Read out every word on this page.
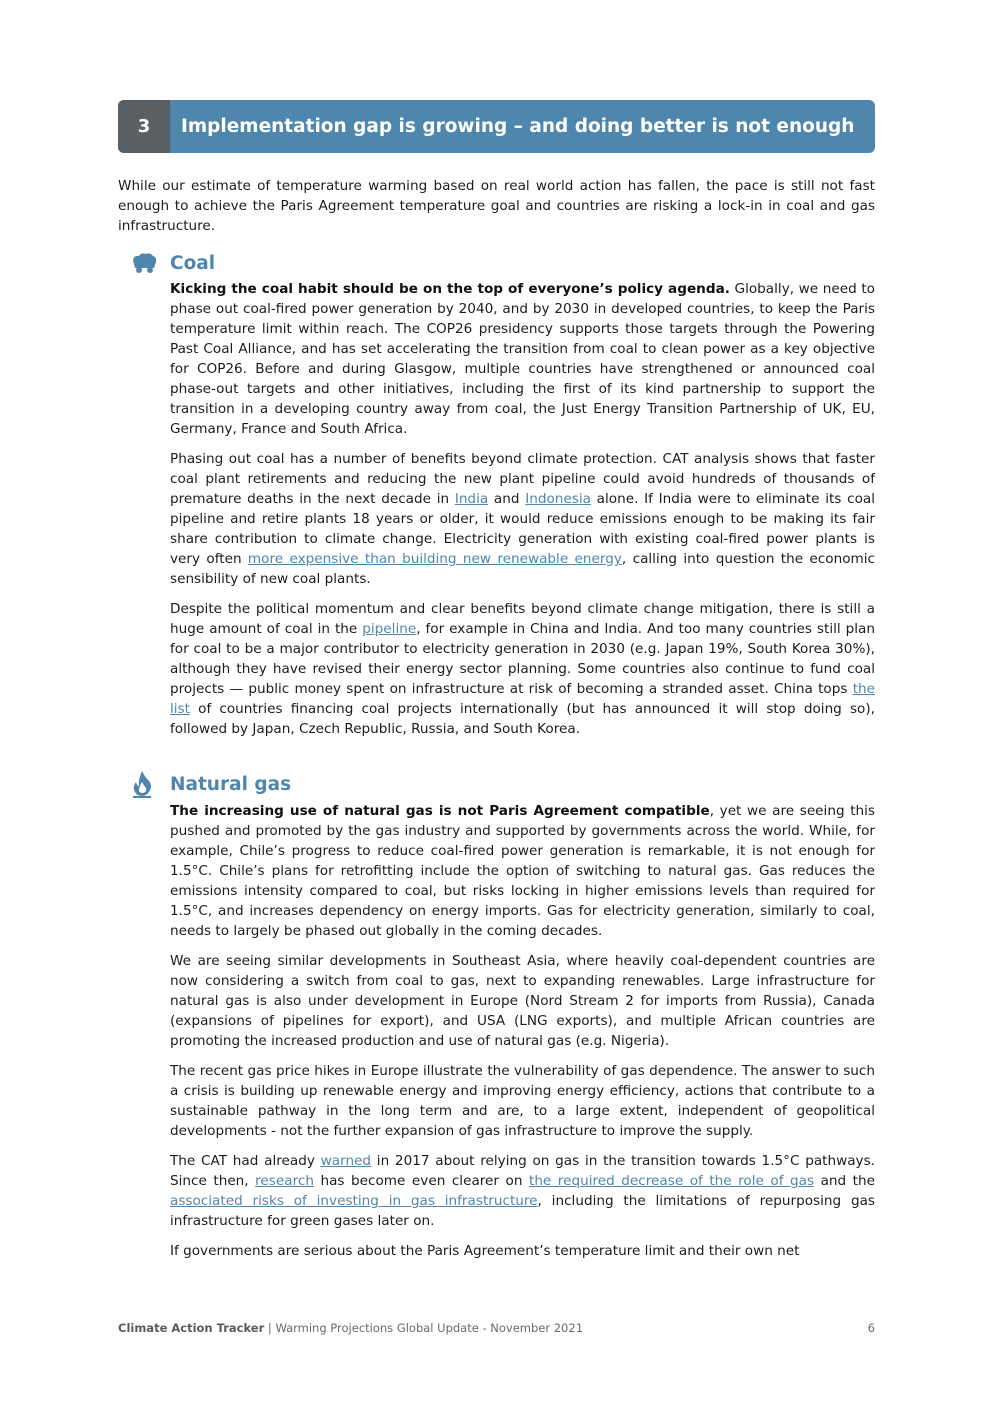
3	Implementation gap is growing – and doing better is not enough

While our estimate of temperature warming based on real world action has fallen, the pace is still not fast enough to achieve the Paris Agreement temperature goal and countries are risking a lock-in in coal and gas infrastructure.

Coal

Kicking the coal habit should be on the top of everyone’s policy agenda. Globally, we need to phase out coal-fired power generation by 2040, and by 2030 in developed countries, to keep the Paris temperature limit within reach. The COP26 presidency supports those targets through the Powering Past Coal Alliance, and has set accelerating the transition from coal to clean power as a key objective for COP26. Before and during Glasgow, multiple countries have strengthened or announced coal phase-out targets and other initiatives, including the first of its kind partnership to support the transition in a developing country away from coal, the Just Energy Transition Partnership of UK, EU, Germany, France and South Africa.

Phasing out coal has a number of benefits beyond climate protection. CAT analysis shows that faster coal plant retirements and reducing the new plant pipeline could avoid hundreds of thousands of premature deaths in the next decade in India and Indonesia alone. If India were to eliminate its coal pipeline and retire plants 18 years or older, it would reduce emissions enough to be making its fair share contribution to climate change. Electricity generation with existing coal-fired power plants is very often more expensive than building new renewable energy, calling into question the economic sensibility of new coal plants.

Despite the political momentum and clear benefits beyond climate change mitigation, there is still a huge amount of coal in the pipeline, for example in China and India. And too many countries still plan for coal to be a major contributor to electricity generation in 2030 (e.g. Japan 19%, South Korea 30%), although they have revised their energy sector planning. Some countries also continue to fund coal projects — public money spent on infrastructure at risk of becoming a stranded asset. China tops the list of countries financing coal projects internationally (but has announced it will stop doing so), followed by Japan, Czech Republic, Russia, and South Korea.

Natural gas

The increasing use of natural gas is not Paris Agreement compatible, yet we are seeing this pushed and promoted by the gas industry and supported by governments across the world. While, for example, Chile’s progress to reduce coal-fired power generation is remarkable, it is not enough for 1.5°C. Chile’s plans for retrofitting include the option of switching to natural gas. Gas reduces the emissions intensity compared to coal, but risks locking in higher emissions levels than required for 1.5°C, and increases dependency on energy imports. Gas for electricity generation, similarly to coal, needs to largely be phased out globally in the coming decades.

We are seeing similar developments in Southeast Asia, where heavily coal-dependent countries are now considering a switch from coal to gas, next to expanding renewables. Large infrastructure for natural gas is also under development in Europe (Nord Stream 2 for imports from Russia), Canada (expansions of pipelines for export), and USA (LNG exports), and multiple African countries are promoting the increased production and use of natural gas (e.g. Nigeria).

The recent gas price hikes in Europe illustrate the vulnerability of gas dependence. The answer to such a crisis is building up renewable energy and improving energy efficiency, actions that contribute to a sustainable pathway in the long term and are, to a large extent, independent of geopolitical developments - not the further expansion of gas infrastructure to improve the supply.

The CAT had already warned in 2017 about relying on gas in the transition towards 1.5°C pathways. Since then, research has become even clearer on the required decrease of the role of gas and the associated risks of investing in gas infrastructure, including the limitations of repurposing gas infrastructure for green gases later on.

If governments are serious about the Paris Agreement’s temperature limit and their own net

Climate Action Tracker | Warming Projections Global Update - November 2021	6
